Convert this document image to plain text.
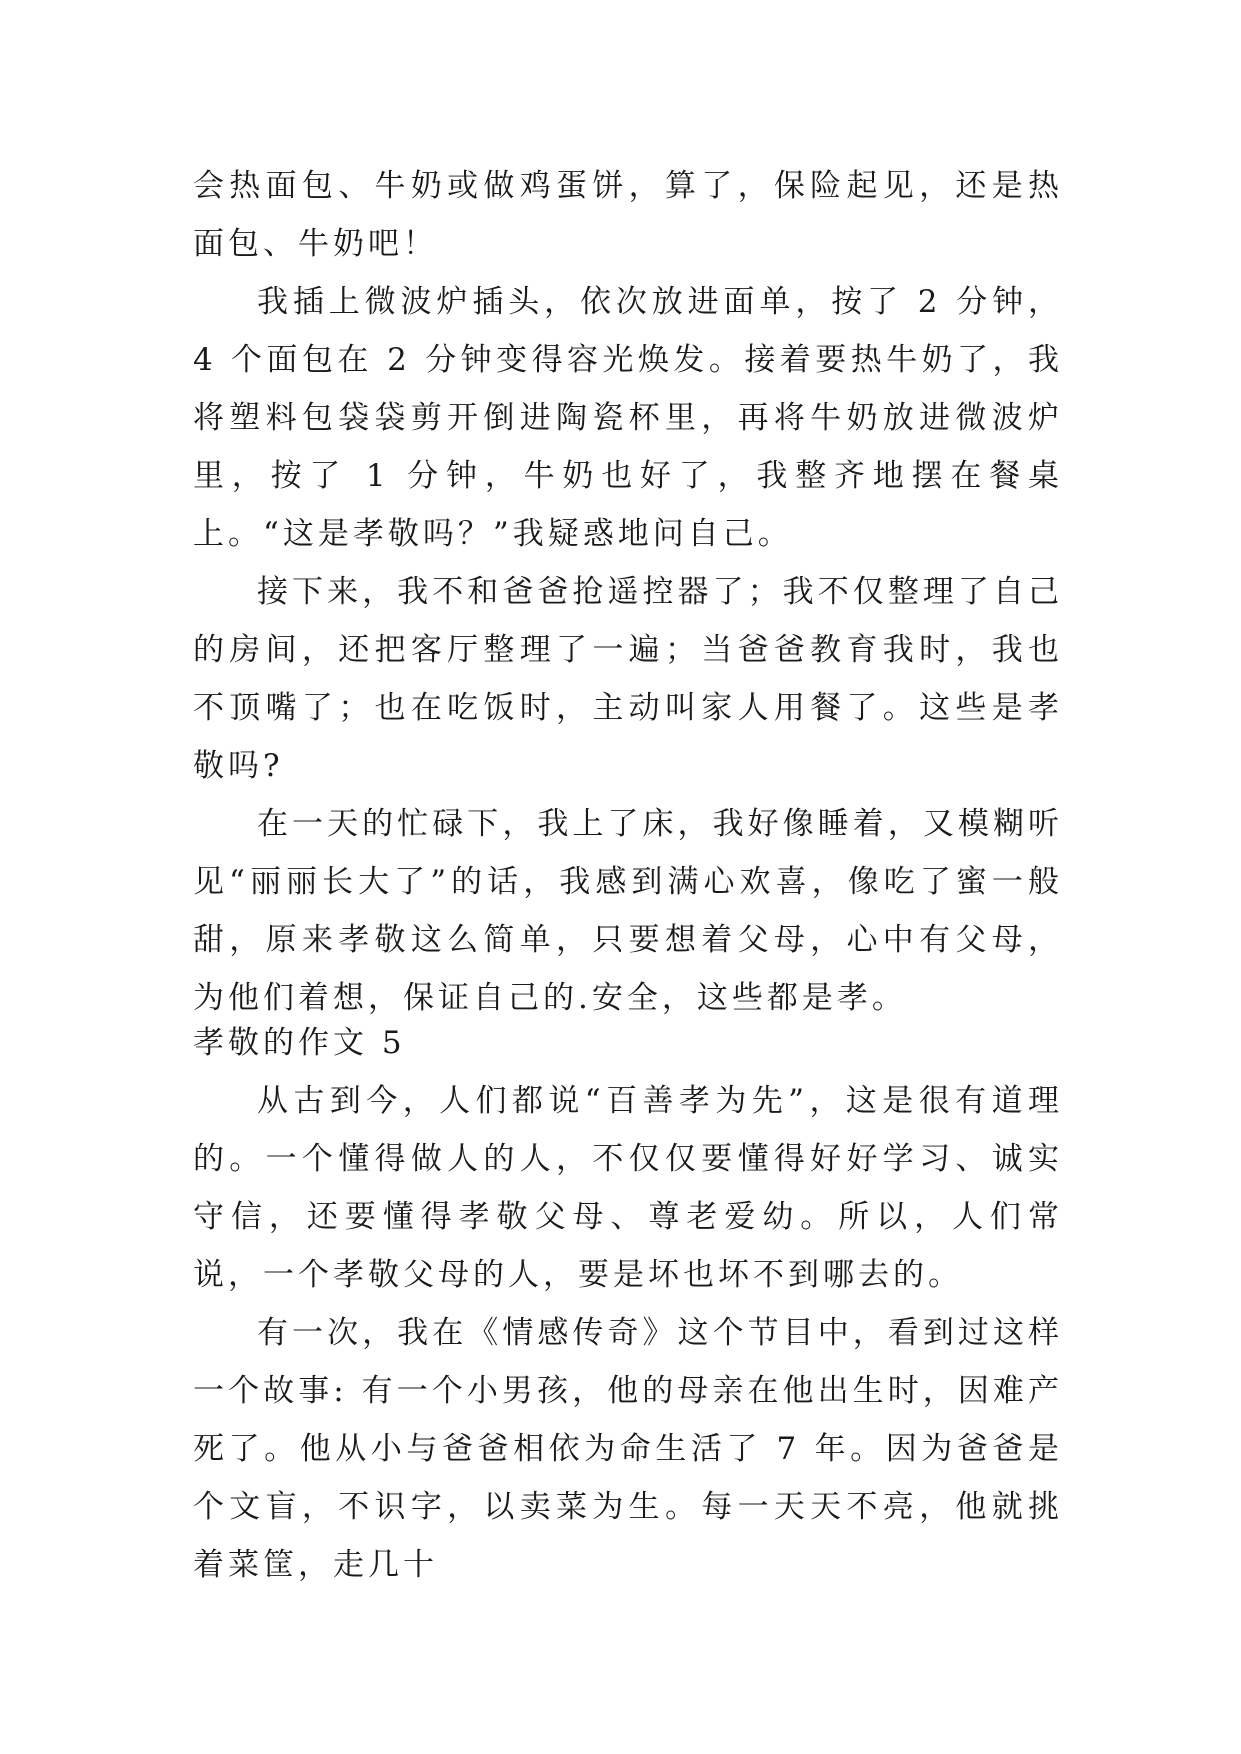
会热面包、牛奶或做鸡蛋饼，算了，保险起见，还是热面包、牛奶吧！

我插上微波炉插头，依次放进面单，按了 2 分钟，4 个面包在 2 分钟变得容光焕发。接着要热牛奶了，我将塑料包袋袋剪开倒进陶瓷杯里，再将牛奶放进微波炉里，按了 1 分钟，牛奶也好了，我整齐地摆在餐桌上。“这是孝敬吗？”我疑惑地问自己。

接下来，我不和爸爸抢遥控器了；我不仅整理了自己的房间，还把客厅整理了一遍；当爸爸教育我时，我也不顶嘴了；也在吃饭时，主动叫家人用餐了。这些是孝敬吗?

在一天的忙碌下，我上了床，我好像睡着，又模糊听见“丽丽长大了”的话，我感到满心欢喜，像吃了蜜一般甜，原来孝敬这么简单，只要想着父母，心中有父母，为他们着想，保证自己的.安全，这些都是孝。

孝敬的作文 5

从古到今，人们都说“百善孝为先”，这是很有道理的。一个懂得做人的人，不仅仅要懂得好好学习、诚实守信，还要懂得孝敬父母、尊老爱幼。所以，人们常说，一个孝敬父母的人，要是坏也坏不到哪去的。

有一次，我在《情感传奇》这个节目中，看到过这样一个故事: 有一个小男孩，他的母亲在他出生时，因难产死了。他从小与爸爸相依为命生活了 7 年。因为爸爸是个文盲，不识字，以卖菜为生。每一天天不亮，他就挑着菜筐，走几十
